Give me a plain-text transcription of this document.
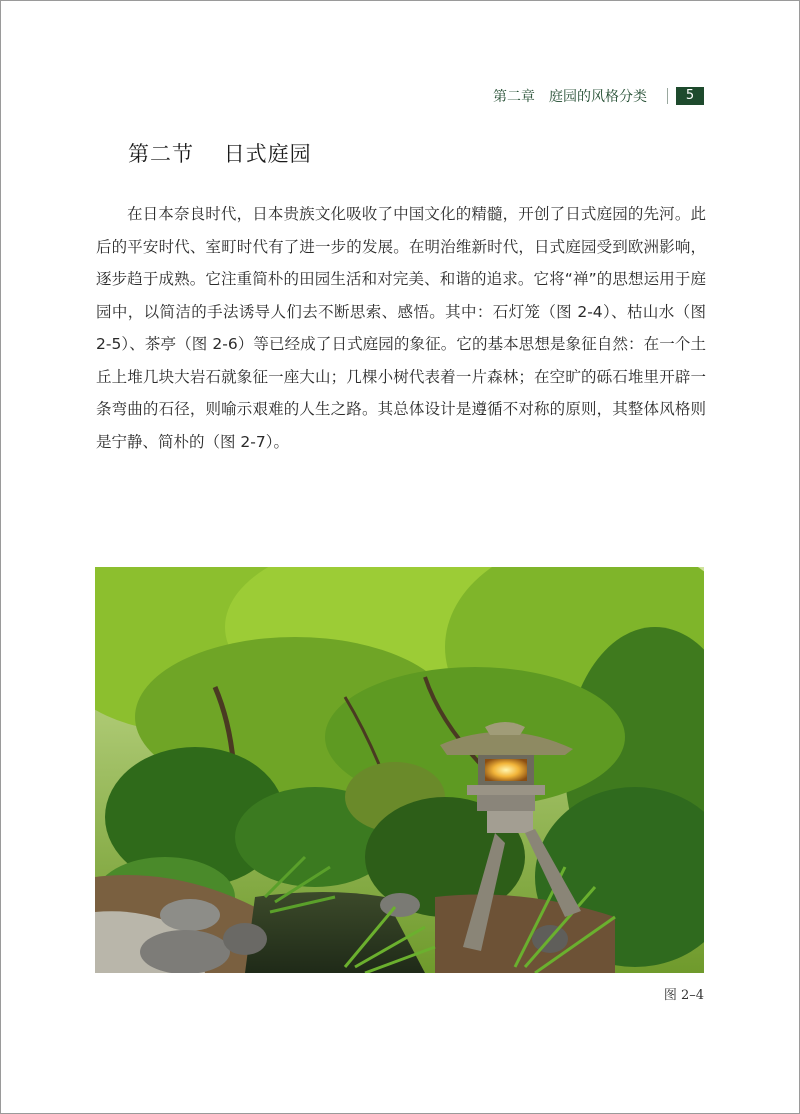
第二章　庭园的风格分类	5
第二节 日式庭园

在日本奈良时代，日本贵族文化吸收了中国文化的精髓，开创了日式庭园的先河。此后的平安时代、室町时代有了进一步的发展。在明治维新时代，日式庭园受到欧洲影响，逐步趋于成熟。它注重简朴的田园生活和对完美、和谐的追求。它将“禅”的思想运用于庭园中，以简洁的手法诱导人们去不断思索、感悟。其中：石灯笼（图 2-4）、枯山水（图 2-5）、茶亭（图 2-6）等已经成了日式庭园的象征。它的基本思想是象征自然：在一个土丘上堆几块大岩石就象征一座大山；几棵小树代表着一片森林；在空旷的砾石堆里开辟一条弯曲的石径，则喻示艰难的人生之路。其总体设计是遵循不对称的原则，其整体风格则是宁静、简朴的（图 2-7）。

图 2–4
